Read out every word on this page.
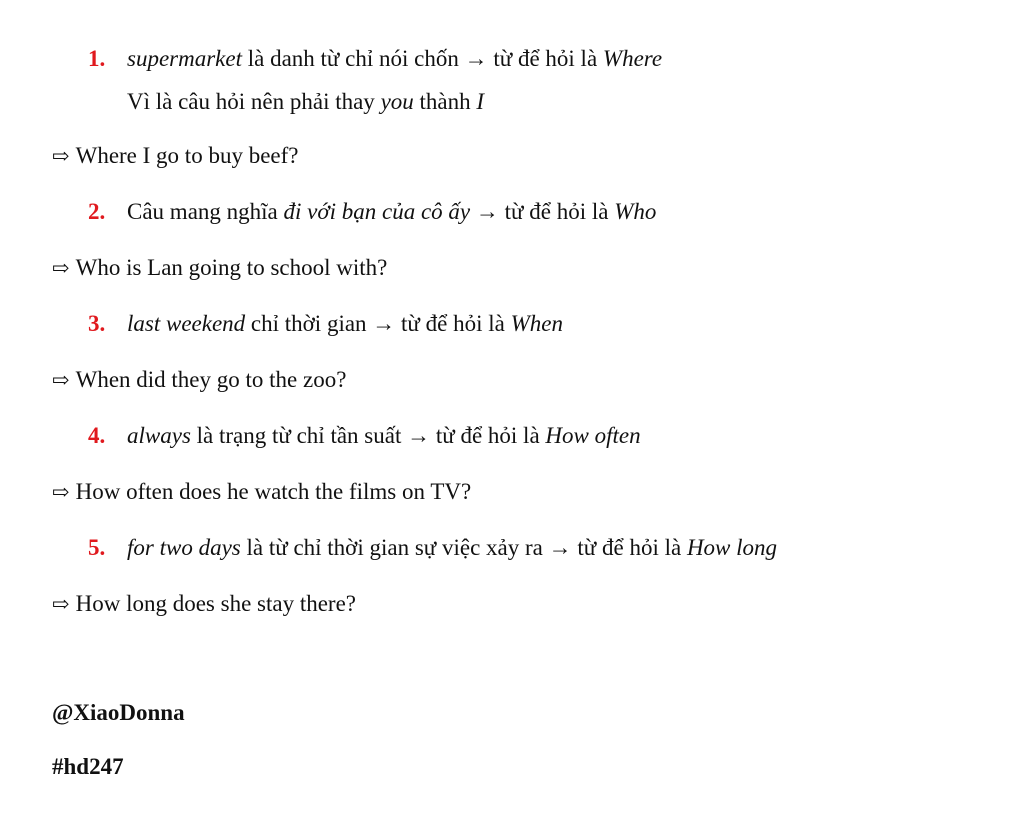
1. supermarket là danh từ chỉ nói chốn → từ để hỏi là Where
Vì là câu hỏi nên phải thay you thành I
⇨ Where I go to buy beef?
2. Câu mang nghĩa đi với bạn của cô ấy → từ để hỏi là Who
⇨ Who is Lan going to school with?
3. last weekend chỉ thời gian → từ để hỏi là When
⇨ When did they go to the zoo?
4. always là trạng từ chỉ tần suất → từ để hỏi là How often
⇨ How often does he watch the films on TV?
5. for two days là từ chỉ thời gian sự việc xảy ra → từ để hỏi là How long
⇨ How long does she stay there?
@XiaoDonna
#hd247
